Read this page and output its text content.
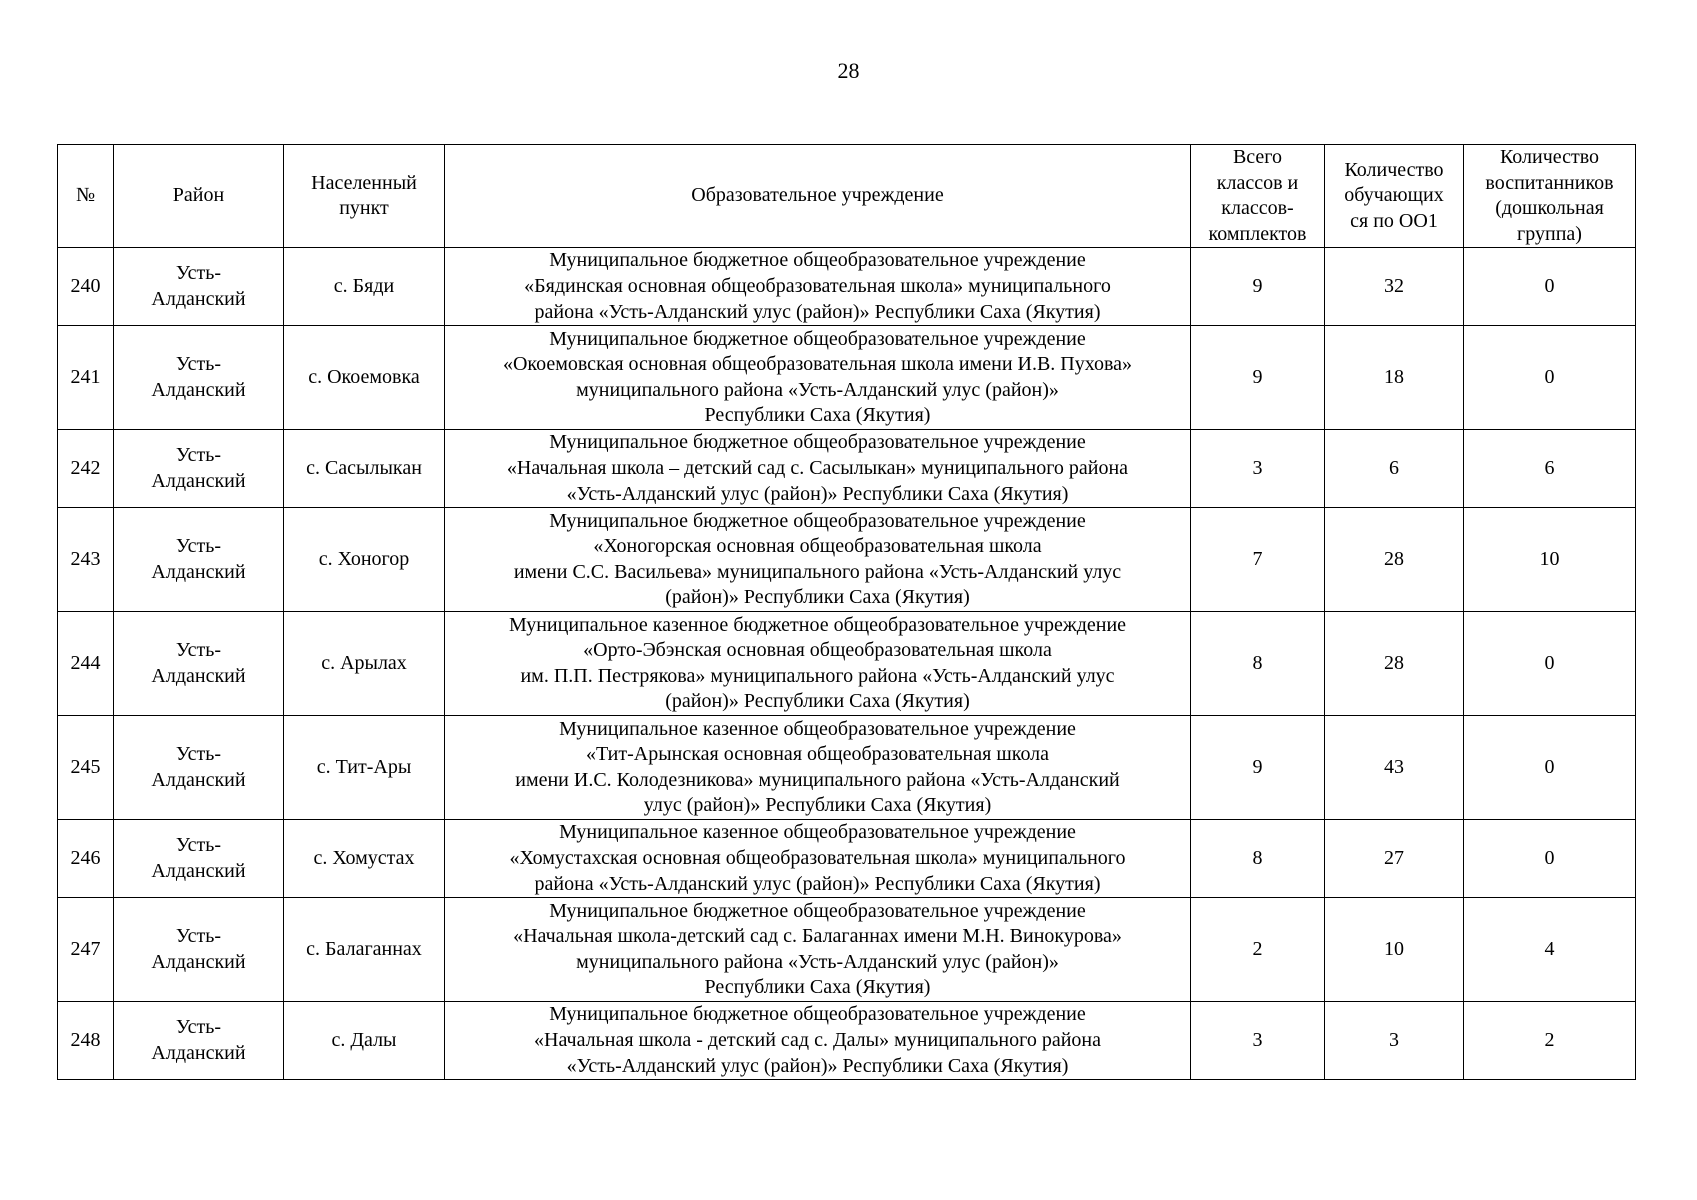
28
№	Район	Населенный
пункт	Образовательное учреждение	Всего
классов и
классов-
комплектов	Количество
обучающих
ся по ОО1	Количество
воспитанников
(дошкольная
группа)

240	Усть-
Алданский	с. Бяди	Муниципальное бюджетное общеобразовательное учреждение
«Бядинская основная общеобразовательная школа» муниципального
района «Усть-Алданский улус (район)» Республики Саха (Якутия)	9	32	0
241	Усть-
Алданский	с. Окоемовка	Муниципальное бюджетное общеобразовательное учреждение
«Окоемовская основная общеобразовательная школа имени И.В. Пухова»
муниципального района «Усть-Алданский улус (район)»
Республики Саха (Якутия)	9	18	0
242	Усть-
Алданский	с. Сасылыкан	Муниципальное бюджетное общеобразовательное учреждение
«Начальная школа – детский сад с. Сасылыкан» муниципального района
«Усть-Алданский улус (район)» Республики Саха (Якутия)	3	6	6
243	Усть-
Алданский	с. Хоногор	Муниципальное бюджетное общеобразовательное учреждение
«Хоногорская основная общеобразовательная школа
имени С.С. Васильева» муниципального района «Усть-Алданский улус
(район)» Республики Саха (Якутия)	7	28	10
244	Усть-
Алданский	с. Арылах	Муниципальное казенное бюджетное общеобразовательное учреждение
«Орто-Эбэнская основная общеобразовательная школа
им. П.П. Пестрякова» муниципального района «Усть-Алданский улус
(район)» Республики Саха (Якутия)	8	28	0
245	Усть-
Алданский	с. Тит-Ары	Муниципальное казенное общеобразовательное учреждение
«Тит-Арынская основная общеобразовательная школа
имени И.С. Колодезникова» муниципального района «Усть-Алданский
улус (район)» Республики Саха (Якутия)	9	43	0
246	Усть-
Алданский	с. Хомустах	Муниципальное казенное общеобразовательное учреждение
«Хомустахская основная общеобразовательная школа» муниципального
района «Усть-Алданский улус (район)» Республики Саха (Якутия)	8	27	0
247	Усть-
Алданский	с. Балаганнах	Муниципальное бюджетное общеобразовательное учреждение
«Начальная школа-детский сад с. Балаганнах имени М.Н. Винокурова»
муниципального района «Усть-Алданский улус (район)»
Республики Саха (Якутия)	2	10	4
248	Усть-
Алданский	с. Далы	Муниципальное бюджетное общеобразовательное учреждение
«Начальная школа - детский сад с. Далы» муниципального района
«Усть-Алданский улус (район)» Республики Саха (Якутия)	3	3	2
